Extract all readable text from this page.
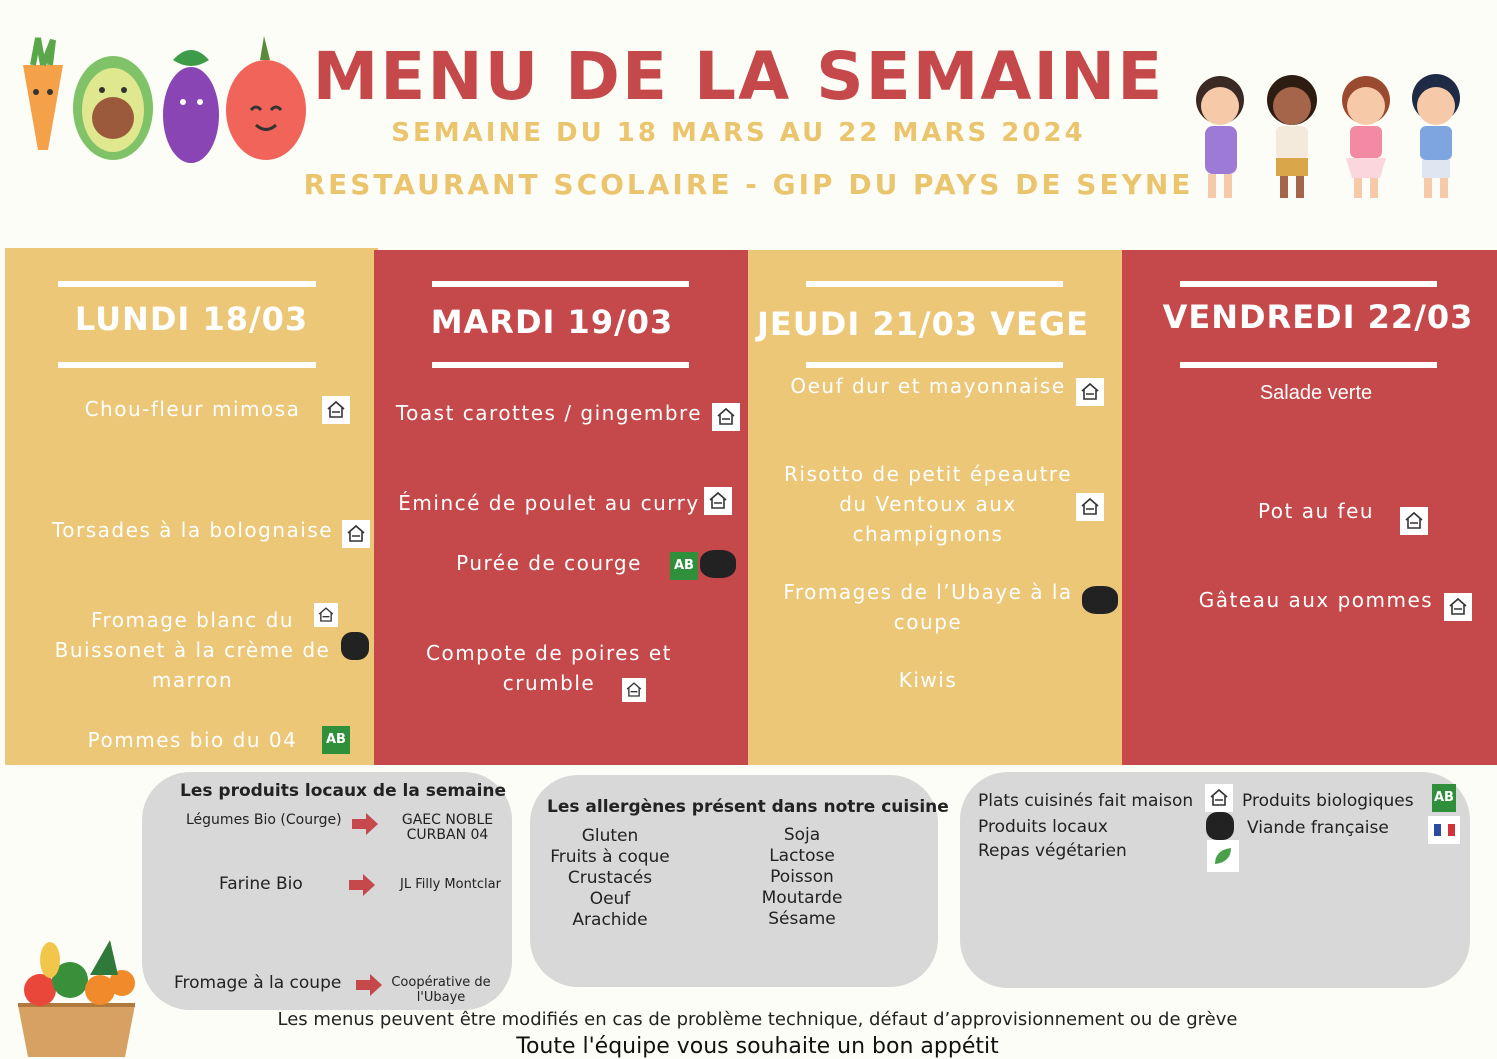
MENU DE LA SEMAINE
SEMAINE DU 18 MARS AU 22 MARS 2024
RESTAURANT SCOLAIRE - GIP DU PAYS DE SEYNE
LUNDI 18/03
Chou-fleur mimosa
Torsades à la bolognaise
Fromage blanc du Buissonet à la crème de marron
Pommes bio du 04	AB
MARDI 19/03
Toast carottes / gingembre
Émincé de poulet au curry
Purée de courge	AB
Compote de poires et crumble
JEUDI 21/03 VEGE
Oeuf dur et mayonnaise
Risotto de petit épeautre du Ventoux aux champignons
Fromages de l’Ubaye à la coupe
Kiwis
VENDREDI 22/03
Salade verte
Pot au feu
Gâteau aux pommes
Les produits locaux de la semaine
Légumes Bio (Courge)	GAEC NOBLE CURBAN 04
Farine Bio	JL Filly Montclar
Fromage à la coupe	Coopérative de l'Ubaye
Les allergènes présent dans notre cuisine
Gluten
Fruits à coque
Crustacés
Oeuf
Arachide
Soja
Lactose
Poisson
Moutarde
Sésame
Plats cuisinés fait maison
Produits locaux
Repas végétarien
Produits biologiques AB
Viande française
Les menus peuvent être modifiés en cas de problème technique, défaut d’approvisionnement ou de grève
Toute l'équipe vous souhaite un bon appétit
